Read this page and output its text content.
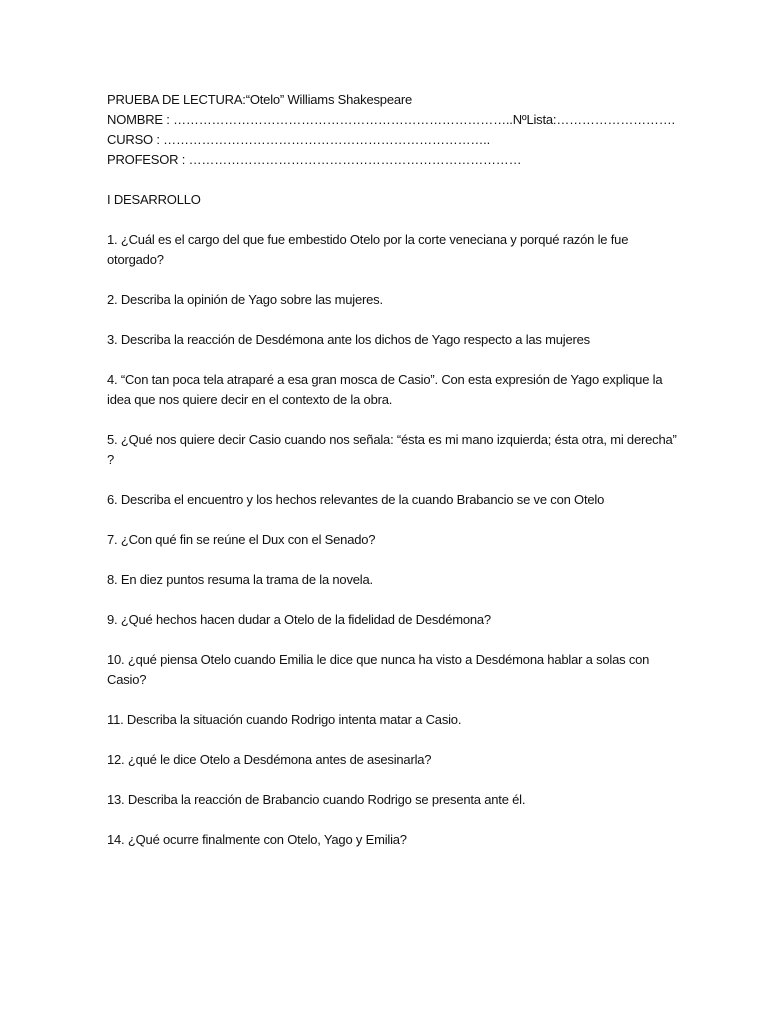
PRUEBA DE LECTURA:“Otelo” Williams Shakespeare

NOMBRE : ……………………………………………………………………..NºLista:……………………….

CURSO : …………………………………………………………………..

PROFESOR : ……………………………………………………………………

I DESARROLLO

1. ¿Cuál es el cargo del que fue embestido Otelo por la corte veneciana y porqué razón le fue otorgado?

2. Describa la opinión de Yago sobre las mujeres.

3. Describa la reacción de Desdémona ante los dichos de Yago respecto a las mujeres

4. “Con tan poca tela atraparé a esa gran mosca de Casio”. Con esta expresión de Yago explique la idea que nos quiere decir en el contexto de la obra.

5. ¿Qué nos quiere decir Casio cuando nos señala: “ésta es mi mano izquierda; ésta otra, mi derecha” ?

6. Describa el encuentro y los hechos relevantes de la cuando Brabancio se ve con Otelo

7. ¿Con qué fin se reúne el Dux con el Senado?

8. En diez puntos resuma la trama de la novela.

9. ¿Qué hechos hacen dudar a Otelo de la fidelidad de Desdémona?

10. ¿qué piensa Otelo cuando Emilia le dice que nunca ha visto a Desdémona hablar a solas con Casio?

11. Describa la situación cuando Rodrigo intenta matar a Casio.

12. ¿qué le dice Otelo a Desdémona antes de asesinarla?

13. Describa la reacción de Brabancio cuando Rodrigo se presenta ante él.

14. ¿Qué ocurre finalmente con Otelo, Yago y Emilia?
